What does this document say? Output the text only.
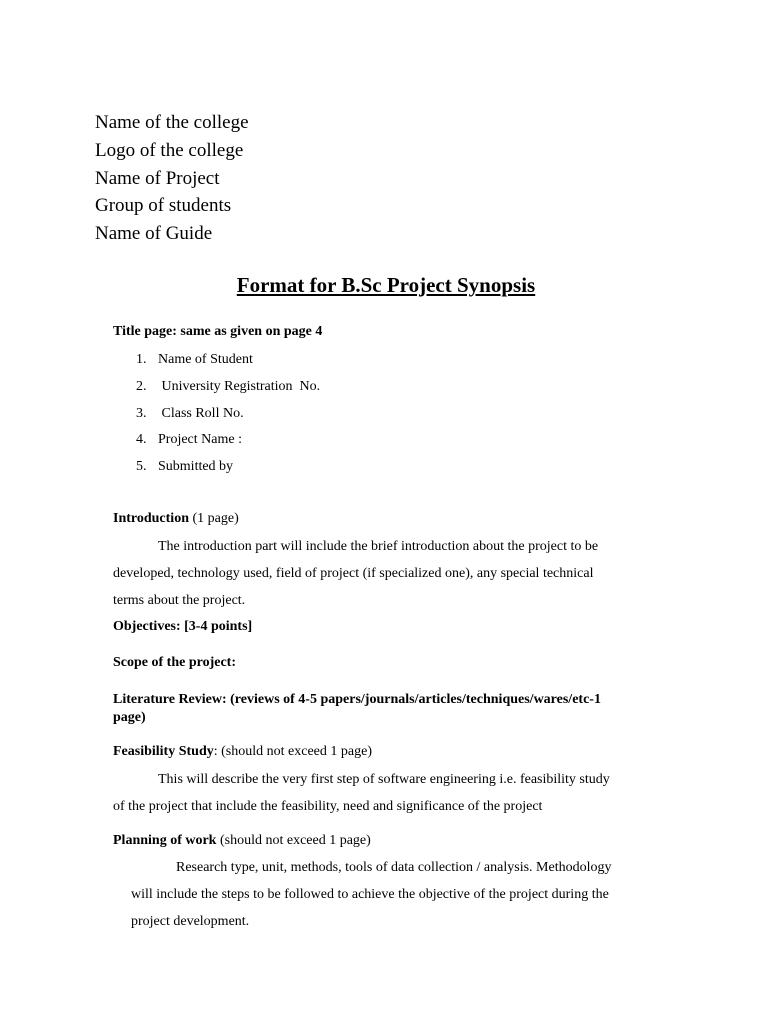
Name of the college
Logo of the college
Name of Project
Group of students
Name of Guide
Format for B.Sc Project Synopsis
Title page: same as given on page 4
1. Name of Student
2. University Registration  No.
3. Class Roll No.
4. Project Name :
5. Submitted by
Introduction (1 page)
The introduction part will include the brief introduction about the project to be
developed, technology used, field of project (if specialized one), any special technical
terms about the project.
Objectives: [3-4 points]
Scope of the project:
Literature Review: (reviews of 4-5 papers/journals/articles/techniques/wares/etc-1
page)
Feasibility Study: (should not exceed 1 page)
This will describe the very first step of software engineering i.e. feasibility study
of the project that include the feasibility, need and significance of the project
Planning of work (should not exceed 1 page)
Research type, unit, methods, tools of data collection / analysis. Methodology
will include the steps to be followed to achieve the objective of the project during the
project development.
